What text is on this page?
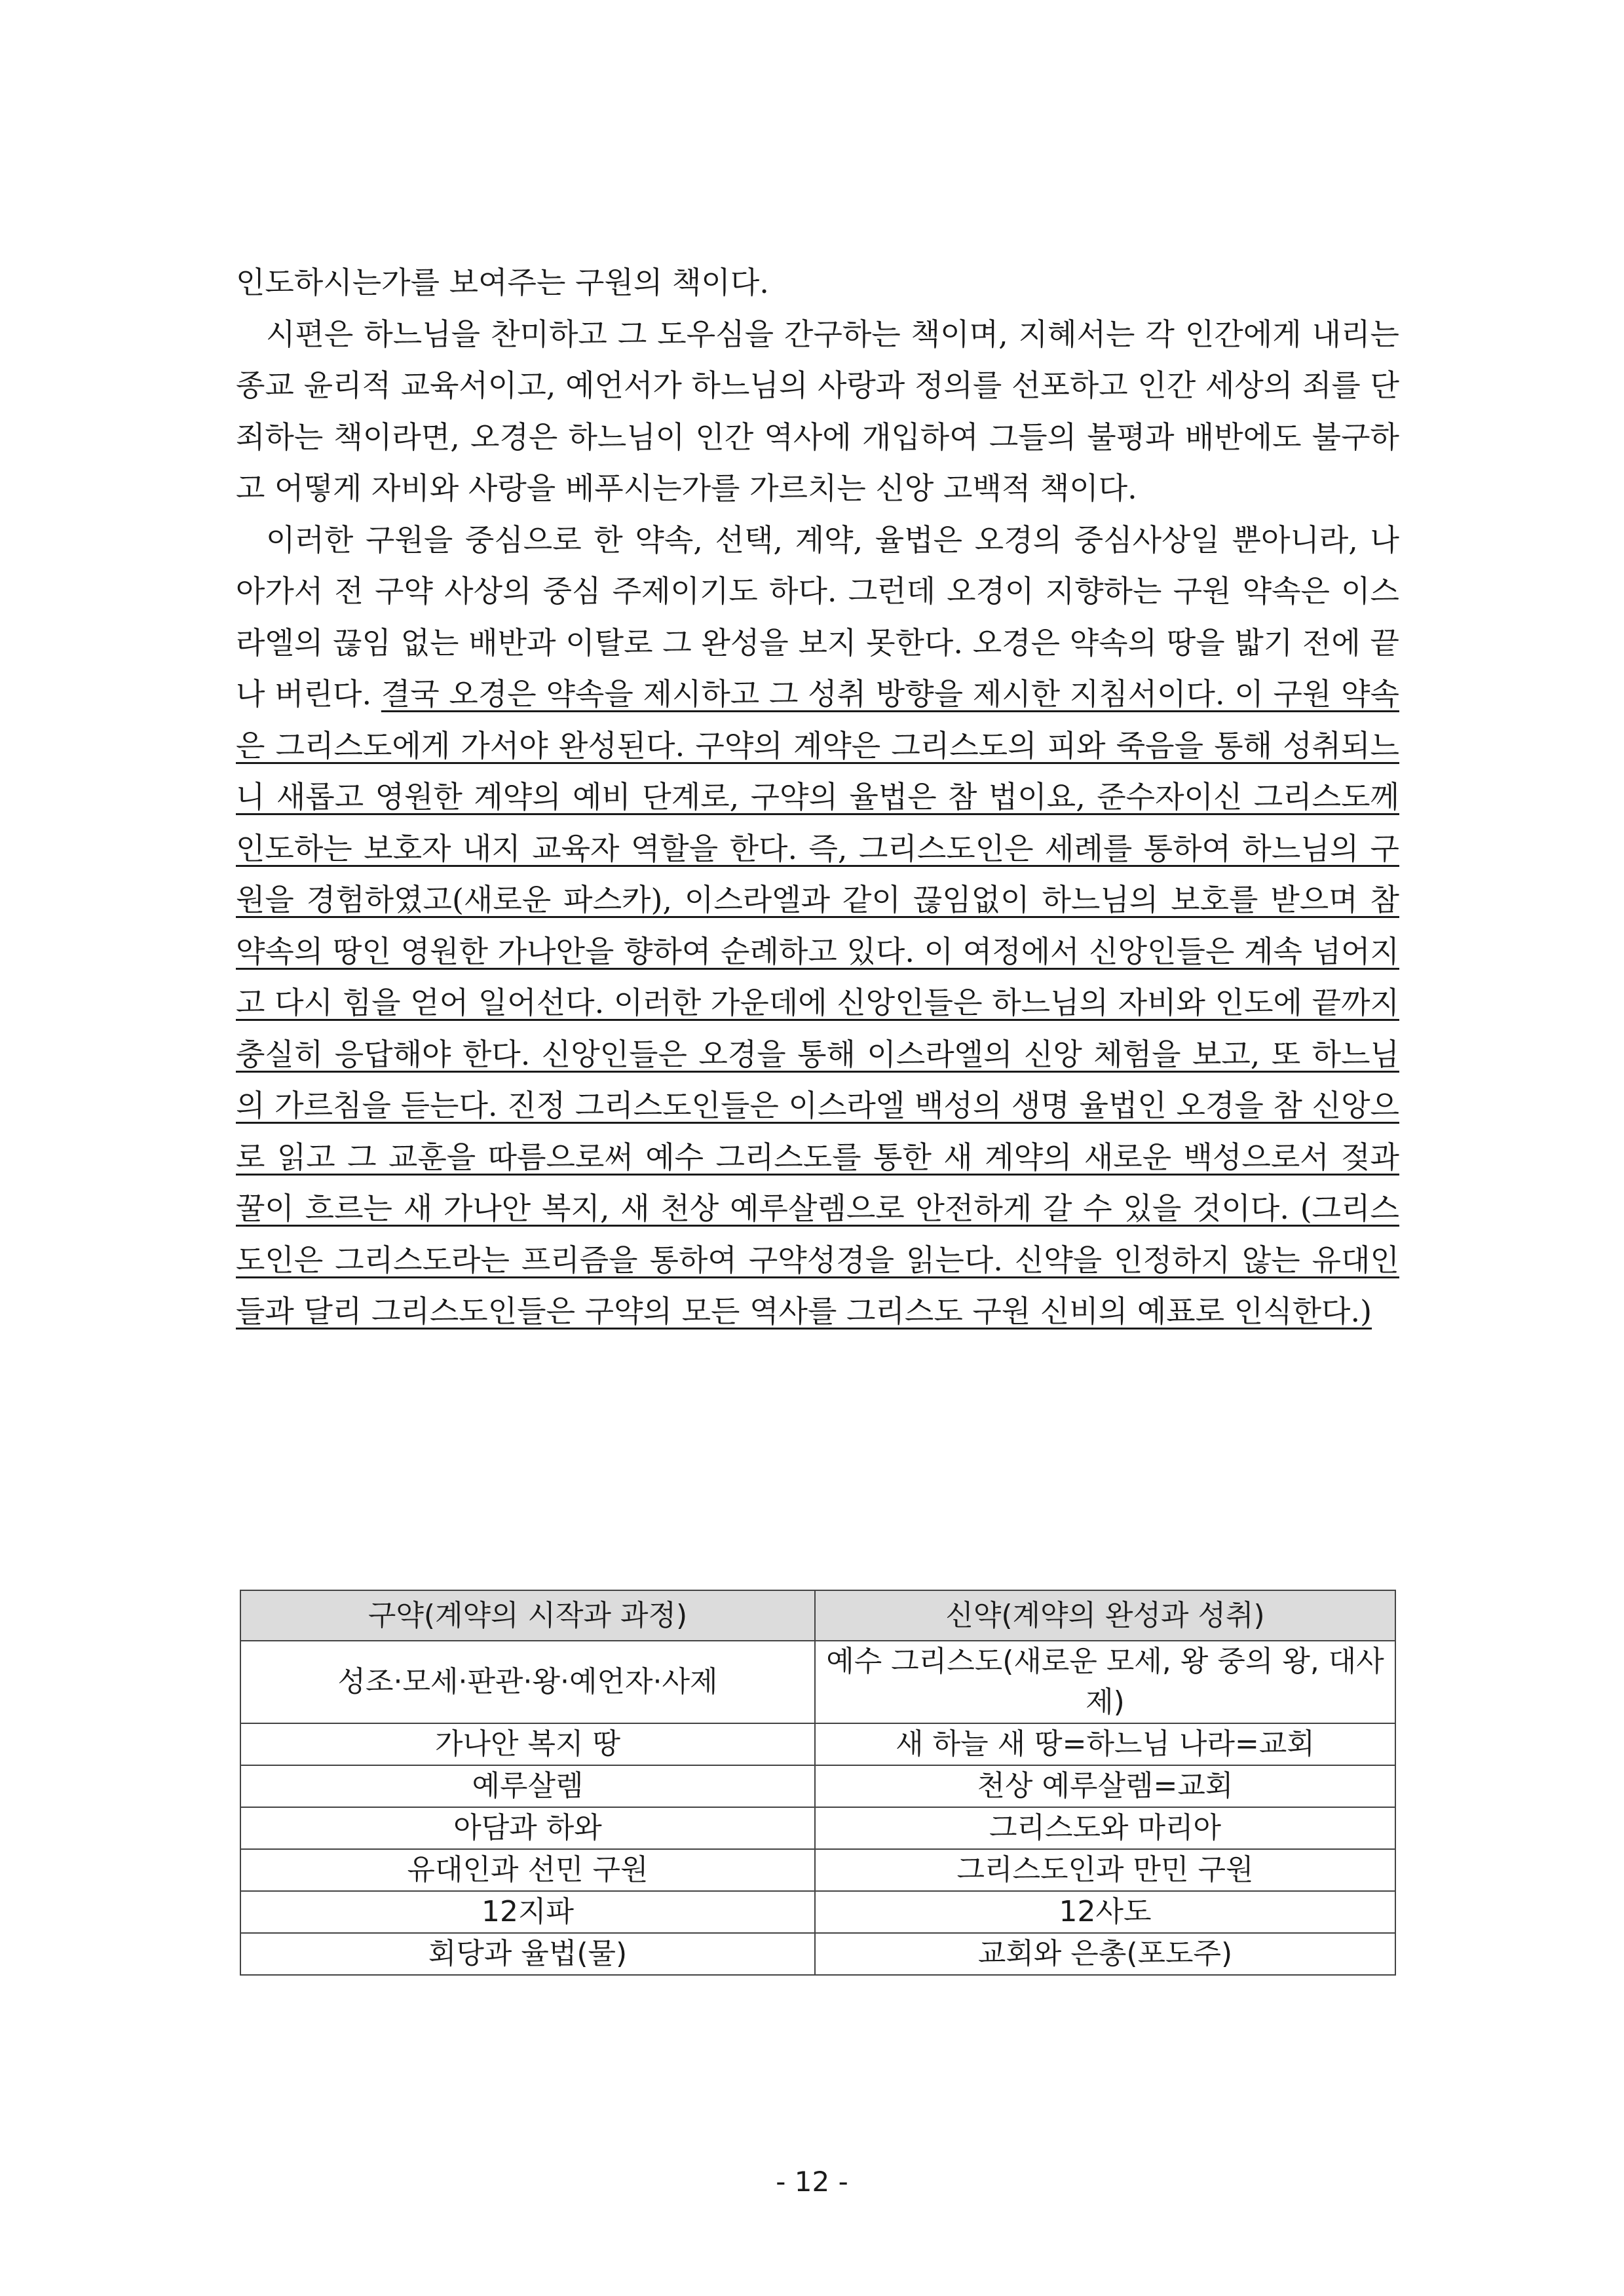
인도하시는가를 보여주는 구원의 책이다.

시편은 하느님을 찬미하고 그 도우심을 간구하는 책이며, 지혜서는 각 인간에게 내리는 종교 윤리적 교육서이고, 예언서가 하느님의 사랑과 정의를 선포하고 인간 세상의 죄를 단죄하는 책이라면, 오경은 하느님이 인간 역사에 개입하여 그들의 불평과 배반에도 불구하고 어떻게 자비와 사랑을 베푸시는가를 가르치는 신앙 고백적 책이다.

이러한 구원을 중심으로 한 약속, 선택, 계약, 율법은 오경의 중심사상일 뿐아니라, 나아가서 전 구약 사상의 중심 주제이기도 하다. 그런데 오경이 지향하는 구원 약속은 이스라엘의 끊임 없는 배반과 이탈로 그 완성을 보지 못한다. 오경은 약속의 땅을 밟기 전에 끝나 버린다. 결국 오경은 약속을 제시하고 그 성취 방향을 제시한 지침서이다. 이 구원 약속은 그리스도에게 가서야 완성된다. 구약의 계약은 그리스도의 피와 죽음을 통해 성취되느니 새롭고 영원한 계약의 예비 단계로, 구약의 율법은 참 법이요, 준수자이신 그리스도께 인도하는 보호자 내지 교육자 역할을 한다. 즉, 그리스도인은 세례를 통하여 하느님의 구원을 경험하였고(새로운 파스카), 이스라엘과 같이 끊임없이 하느님의 보호를 받으며 참 약속의 땅인 영원한 가나안을 향하여 순례하고 있다. 이 여정에서 신앙인들은 계속 넘어지고 다시 힘을 얻어 일어선다. 이러한 가운데에 신앙인들은 하느님의 자비와 인도에 끝까지 충실히 응답해야 한다. 신앙인들은 오경을 통해 이스라엘의 신앙 체험을 보고, 또 하느님의 가르침을 듣는다. 진정 그리스도인들은 이스라엘 백성의 생명 율법인 오경을 참 신앙으로 읽고 그 교훈을 따름으로써 예수 그리스도를 통한 새 계약의 새로운 백성으로서 젖과 꿀이 흐르는 새 가나안 복지, 새 천상 예루살렘으로 안전하게 갈 수 있을 것이다. (그리스도인은 그리스도라는 프리즘을 통하여 구약성경을 읽는다. 신약을 인정하지 않는 유대인들과 달리 그리스도인들은 구약의 모든 역사를 그리스도 구원 신비의 예표로 인식한다.)

구약(계약의 시작과 과정)	신약(계약의 완성과 성취)
성조·모세·판관·왕·예언자·사제	예수 그리스도(새로운 모세, 왕 중의 왕, 대사제)
가나안 복지 땅	새 하늘 새 땅=하느님 나라=교회
예루살렘	천상 예루살렘=교회
아담과 하와	그리스도와 마리아
유대인과 선민 구원	그리스도인과 만민 구원
12지파	12사도
회당과 율법(물)	교회와 은총(포도주)
- 12 -
